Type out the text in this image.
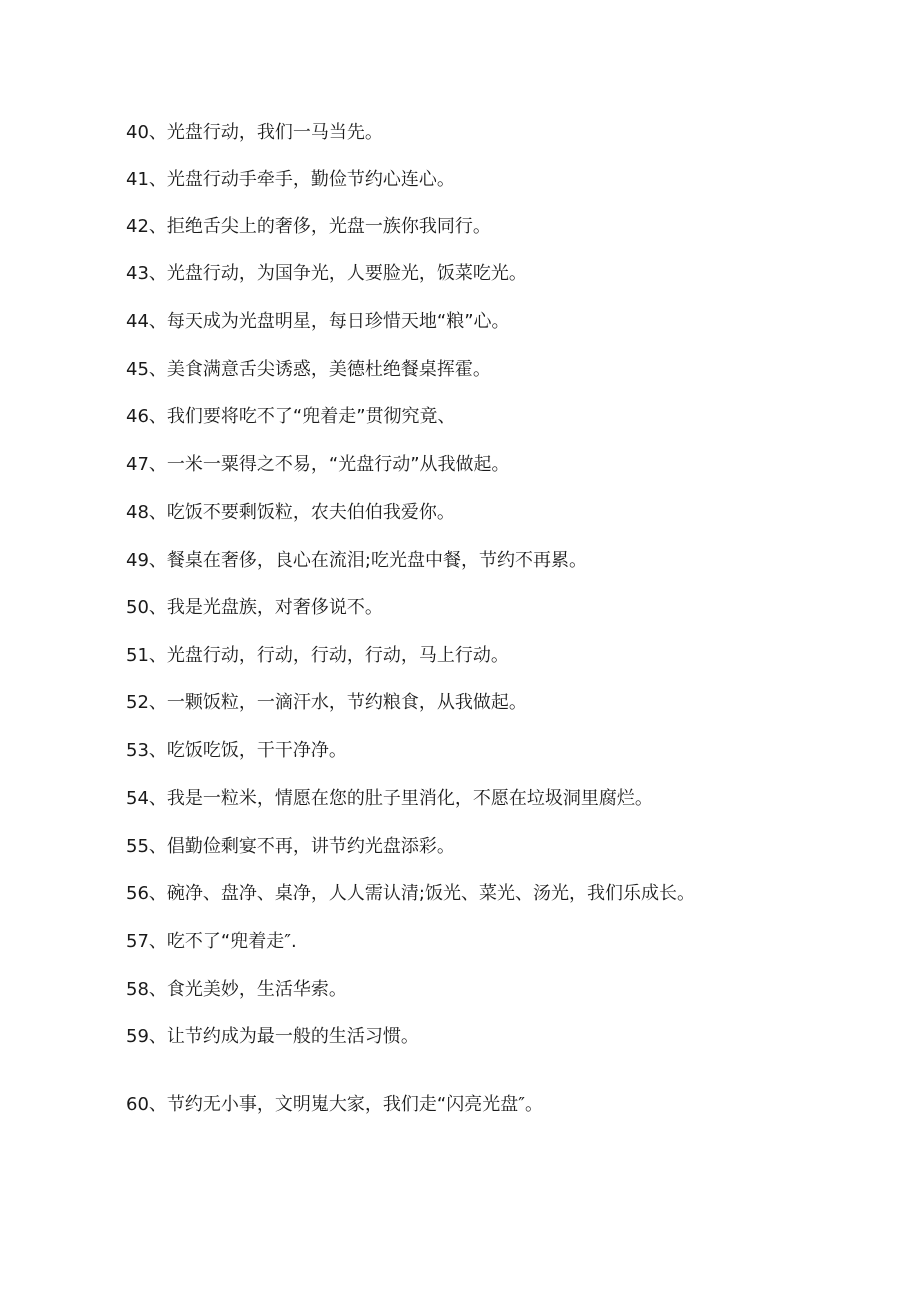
40、光盘行动，我们一马当先。
41、光盘行动手牵手，勤俭节约心连心。
42、拒绝舌尖上的奢侈，光盘一族你我同行。
43、光盘行动，为国争光，人要脸光，饭菜吃光。
44、每天成为光盘明星，每日珍惜天地“粮”心。
45、美食满意舌尖诱惑，美德杜绝餐桌挥霍。
46、我们要将吃不了“兜着走”贯彻究竟、
47、一米一粟得之不易，“光盘行动”从我做起。
48、吃饭不要剩饭粒，农夫伯伯我爱你。
49、餐桌在奢侈，良心在流泪;吃光盘中餐，节约不再累。
50、我是光盘族，对奢侈说不。
51、光盘行动，行动，行动，行动，马上行动。
52、一颗饭粒，一滴汗水，节约粮食，从我做起。
53、吃饭吃饭，干干净净。
54、我是一粒米，情愿在您的肚子里消化，不愿在垃圾洞里腐烂。
55、倡勤俭剩宴不再，讲节约光盘添彩。
56、碗净、盘净、桌净，人人需认清;饭光、菜光、汤光，我们乐成长。
57、吃不了“兜着走″.
58、食光美妙，生活华索。
59、让节约成为最一般的生活习惯。
60、节约无小事，文明嵬大家，我们走“闪亮光盘″。
